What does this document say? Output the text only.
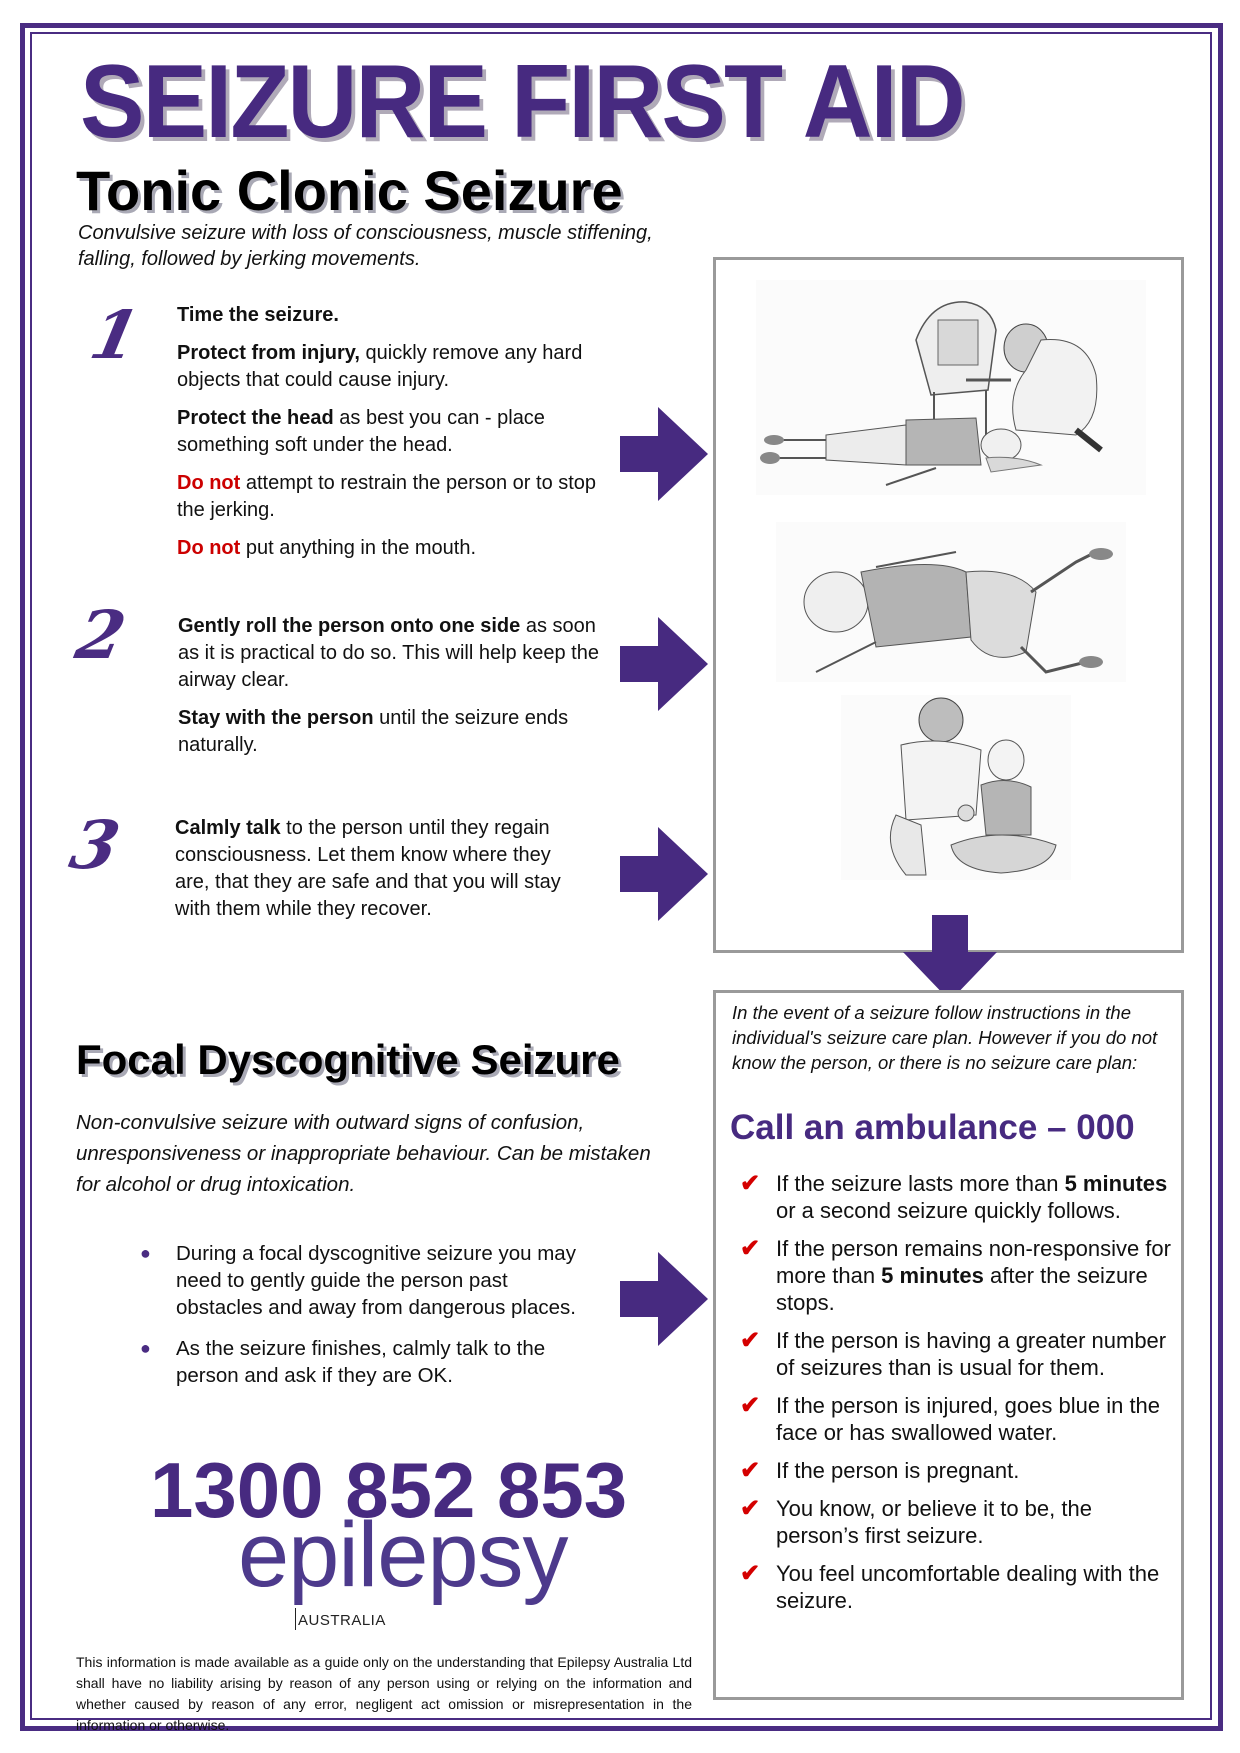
SEIZURE FIRST AID
Tonic Clonic Seizure
Convulsive seizure with loss of consciousness, muscle stiffening, falling, followed by jerking movements.
1 Time the seizure.

Protect from injury, quickly remove any hard objects that could cause injury.

Protect the head as best you can - place something soft under the head.

Do not attempt to restrain the person or to stop the jerking.

Do not put anything in the mouth.

2 Gently roll the person onto one side as soon as it is practical to do so. This will help keep the airway clear.

Stay with the person until the seizure ends naturally.

3 Calmly talk to the person until they regain consciousness. Let them know where they are, that they are safe and that you will stay with them while they recover.

In the event of a seizure follow instructions in the individual's seizure care plan. However if you do not know the person, or there is no seizure care plan:
Call an ambulance – 000
✔ If the seizure lasts more than 5 minutes or a second seizure quickly follows.
✔ If the person remains non-responsive for more than 5 minutes after the seizure stops.
✔ If the person is having a greater number of seizures than is usual for them.
✔ If the person is injured, goes blue in the face or has swallowed water.
✔ If the person is pregnant.
✔ You know, or believe it to be, the person’s first seizure.
✔ You feel uncomfortable dealing with the seizure.
Focal Dyscognitive Seizure
Non-convulsive seizure with outward signs of confusion, unresponsiveness or inappropriate behaviour. Can be mistaken for alcohol or drug intoxication.
● During a focal dyscognitive seizure you may need to gently guide the person past obstacles and away from dangerous places.
● As the seizure finishes, calmly talk to the person and ask if they are OK.
1300 852 853
epilepsy
AUSTRALIA
This information is made available as a guide only on the understanding that Epilepsy Australia Ltd shall have no liability arising by reason of any person using or relying on the information and whether caused by reason of any error, negligent act omission or misrepresentation in the information or otherwise.
